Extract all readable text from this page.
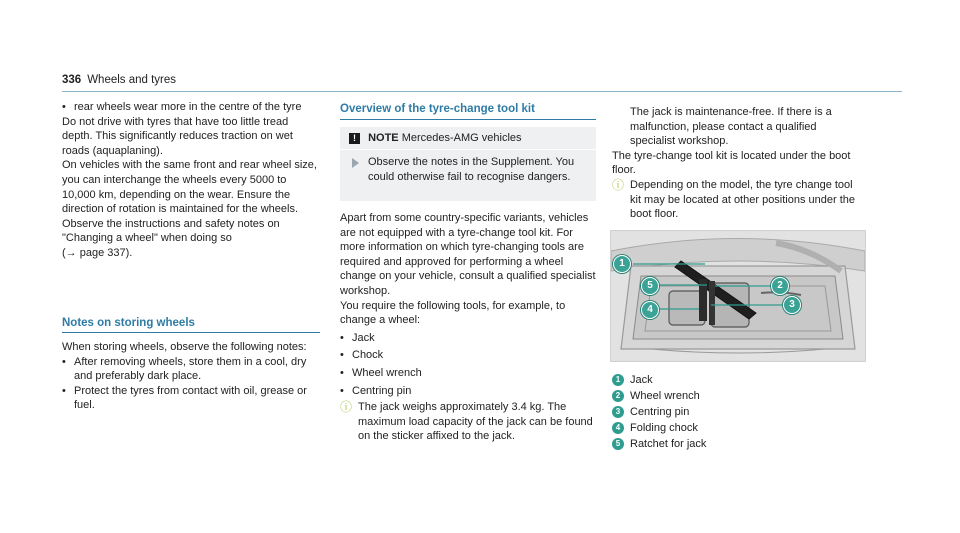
336 Wheels and tyres

• rear wheels wear more in the centre of the tyre

Do not drive with tyres that have too little tread depth. This significantly reduces traction on wet roads (aquaplaning).

On vehicles with the same front and rear wheel size, you can interchange the wheels every 5000 to 10,000 km, depending on the wear. Ensure the direction of rotation is maintained for the wheels.

Observe the instructions and safety notes on "Changing a wheel" when doing so
(→ page 337).

Notes on storing wheels

When storing wheels, observe the following notes:

• After removing wheels, store them in a cool, dry and preferably dark place.

• Protect the tyres from contact with oil, grease or fuel.

Overview of the tyre-change tool kit
! NOTE Mercedes-AMG vehicles
Observe the notes in the Supplement. You could otherwise fail to recognise dangers.

Apart from some country-specific variants, vehicles are not equipped with a tyre-change tool kit. For more information on which tyre-changing tools are required and approved for performing a wheel change on your vehicle, consult a qualified specialist workshop.

You require the following tools, for example, to change a wheel:

• Jack

• Chock

• Wheel wrench

• Centring pin

ⓘ The jack weighs approximately 3.4 kg. The maximum load capacity of the jack can be found on the sticker affixed to the jack.

The jack is maintenance-free. If there is a malfunction, please contact a qualified specialist workshop.

The tyre-change tool kit is located under the boot floor.

ⓘ Depending on the model, the tyre change tool kit may be located at other positions under the boot floor.
1
2
3
4
5
1 Jack
2 Wheel wrench
3 Centring pin
4 Folding chock
5 Ratchet for jack
